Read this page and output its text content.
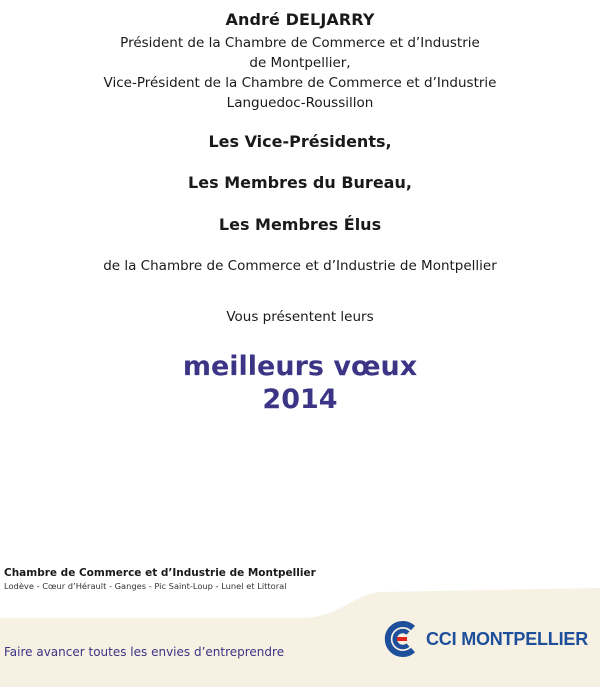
André DELJARRY
Président de la Chambre de Commerce et d’Industrie
de Montpellier,
Vice-Président de la Chambre de Commerce et d’Industrie
Languedoc-Roussillon
Les Vice-Présidents,
Les Membres du Bureau,
Les Membres Élus
de la Chambre de Commerce et d’Industrie de Montpellier
Vous présentent leurs
meilleurs vœux
2014
Chambre de Commerce et d’Industrie de Montpellier
Lodève - Cœur d’Hérault - Ganges - Pic Saint-Loup - Lunel et Littoral
Faire avancer toutes les envies d’entreprendre
CCI MONTPELLIER
